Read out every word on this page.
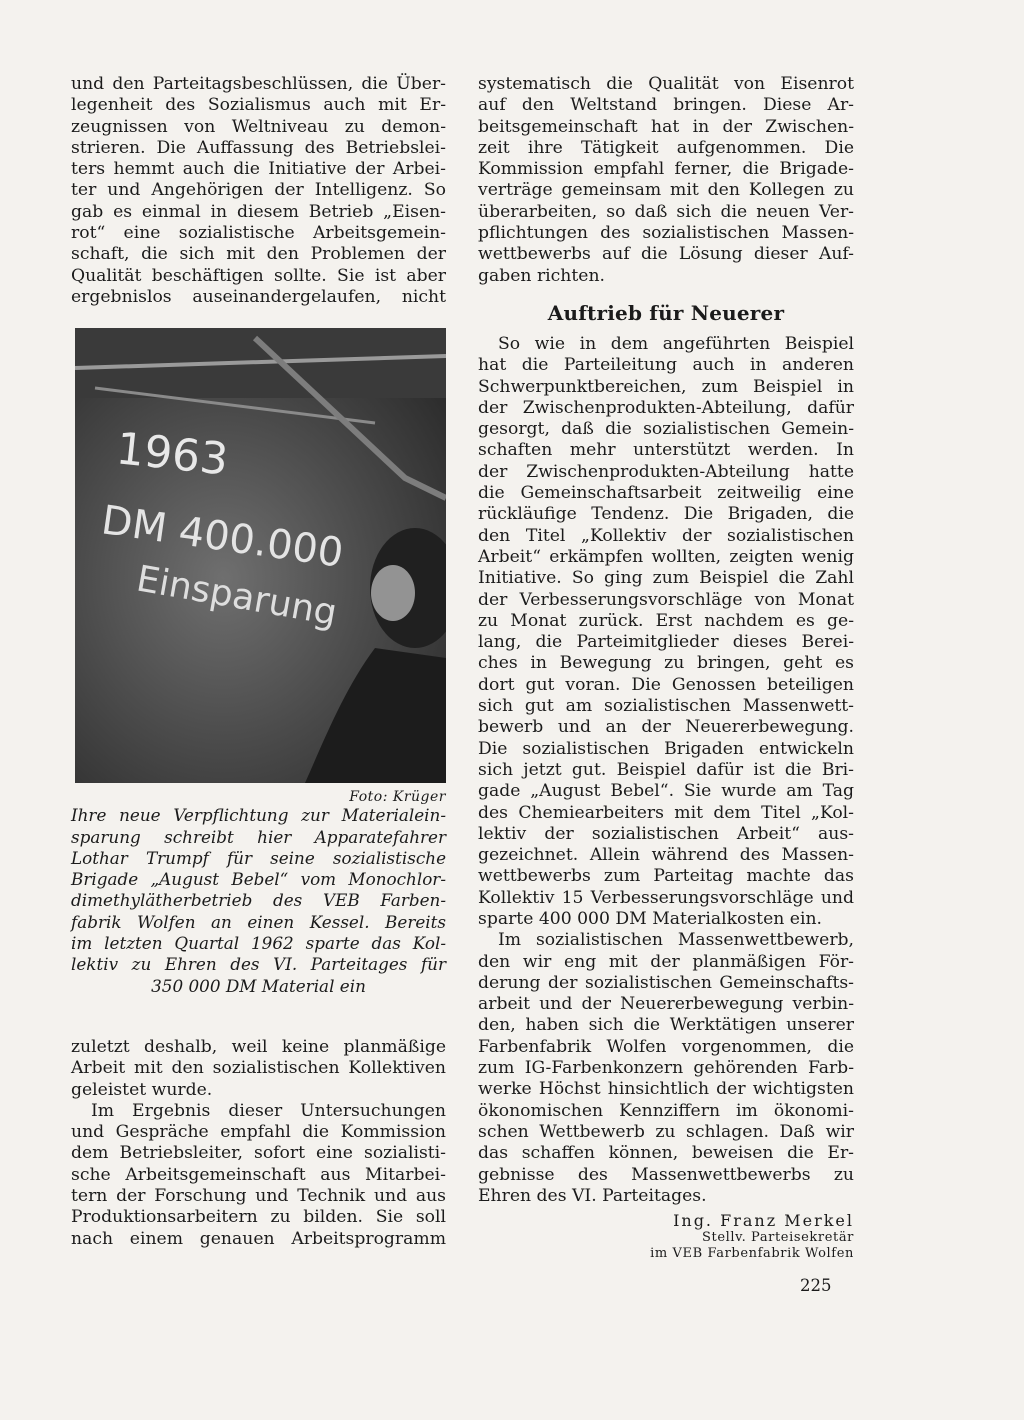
und den Parteitagsbeschlüssen, die Über-
legenheit des Sozialismus auch mit Er-
zeugnissen von Weltniveau zu demon-
strieren. Die Auffassung des Betriebslei-
ters hemmt auch die Initiative der Arbei-
ter und Angehörigen der Intelligenz. So
gab es einmal in diesem Betrieb „Eisen-
rot“ eine sozialistische Arbeitsgemein-
schaft, die sich mit den Problemen der
Qualität beschäftigen sollte. Sie ist aber
ergebnislos auseinandergelaufen, nicht
1963
DM 400.000
Einsparung
Foto: Krüger
Ihre neue Verpflichtung zur Materialein-
sparung schreibt hier Apparatefahrer
Lothar Trumpf für seine sozialistische
Brigade „August Bebel“ vom Monochlor-
dimethylätherbetrieb des VEB Farben-
fabrik Wolfen an einen Kessel. Bereits
im letzten Quartal 1962 sparte das Kol-
lektiv zu Ehren des VI. Parteitages für
350 000 DM Material ein
zuletzt deshalb, weil keine planmäßige
Arbeit mit den sozialistischen Kollektiven
geleistet wurde.
Im Ergebnis dieser Untersuchungen
und Gespräche empfahl die Kommission
dem Betriebsleiter, sofort eine sozialisti-
sche Arbeitsgemeinschaft aus Mitarbei-
tern der Forschung und Technik und aus
Produktionsarbeitern zu bilden. Sie soll
nach einem genauen Arbeitsprogramm
systematisch die Qualität von Eisenrot
auf den Weltstand bringen. Diese Ar-
beitsgemeinschaft hat in der Zwischen-
zeit ihre Tätigkeit aufgenommen. Die
Kommission empfahl ferner, die Brigade-
verträge gemeinsam mit den Kollegen zu
überarbeiten, so daß sich die neuen Ver-
pflichtungen des sozialistischen Massen-
wettbewerbs auf die Lösung dieser Auf-
gaben richten.
Auftrieb für Neuerer
So wie in dem angeführten Beispiel
hat die Parteileitung auch in anderen
Schwerpunktbereichen, zum Beispiel in
der Zwischenprodukten-Abteilung, dafür
gesorgt, daß die sozialistischen Gemein-
schaften mehr unterstützt werden. In
der Zwischenprodukten-Abteilung hatte
die Gemeinschaftsarbeit zeitweilig eine
rückläufige Tendenz. Die Brigaden, die
den Titel „Kollektiv der sozialistischen
Arbeit“ erkämpfen wollten, zeigten wenig
Initiative. So ging zum Beispiel die Zahl
der Verbesserungsvorschläge von Monat
zu Monat zurück. Erst nachdem es ge-
lang, die Parteimitglieder dieses Berei-
ches in Bewegung zu bringen, geht es
dort gut voran. Die Genossen beteiligen
sich gut am sozialistischen Massenwett-
bewerb und an der Neuererbewegung.
Die sozialistischen Brigaden entwickeln
sich jetzt gut. Beispiel dafür ist die Bri-
gade „August Bebel“. Sie wurde am Tag
des Chemiearbeiters mit dem Titel „Kol-
lektiv der sozialistischen Arbeit“ aus-
gezeichnet. Allein während des Massen-
wettbewerbs zum Parteitag machte das
Kollektiv 15 Verbesserungsvorschläge und
sparte 400 000 DM Materialkosten ein.
Im sozialistischen Massenwettbewerb,
den wir eng mit der planmäßigen För-
derung der sozialistischen Gemeinschafts-
arbeit und der Neuererbewegung verbin-
den, haben sich die Werktätigen unserer
Farbenfabrik Wolfen vorgenommen, die
zum IG-Farbenkonzern gehörenden Farb-
werke Höchst hinsichtlich der wichtigsten
ökonomischen Kennziffern im ökonomi-
schen Wettbewerb zu schlagen. Daß wir
das schaffen können, beweisen die Er-
gebnisse des Massenwettbewerbs zu
Ehren des VI. Parteitages.
Ing. Franz Merkel
Stellv. Parteisekretär
im VEB Farbenfabrik Wolfen
225
